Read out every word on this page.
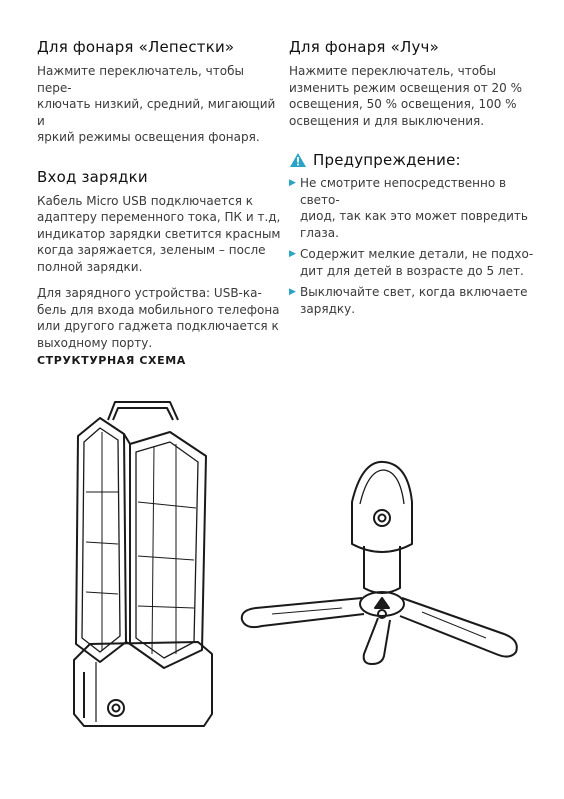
Для фонаря «Лепестки»

Нажмите переключатель, чтобы пере-
ключать низкий, средний, мигающий и
яркий режимы освещения фонаря.

Вход зарядки

Кабель Micro USB подключается к
адаптеру переменного тока, ПК и т.д,
индикатор зарядки светится красным
когда заряжается, зеленым – после
полной зарядки.

Для зарядного устройства: USB-ка-
бель для входа мобильного телефона
или другого гаджета подключается к
выходному порту.

Для фонаря «Луч»

Нажмите переключатель, чтобы
изменить режим освещения от 20 %
освещения, 50 % освещения, 100 %
освещения и для выключения.

Предупреждение:

▶ Не смотрите непосредственно в свето-
диод, так как это может повредить глаза.

▶ Содержит мелкие детали, не подхо-
дит для детей в возрасте до 5 лет.

▶ Выключайте свет, когда включаете
зарядку.

СТРУКТУРНАЯ СХЕМА
